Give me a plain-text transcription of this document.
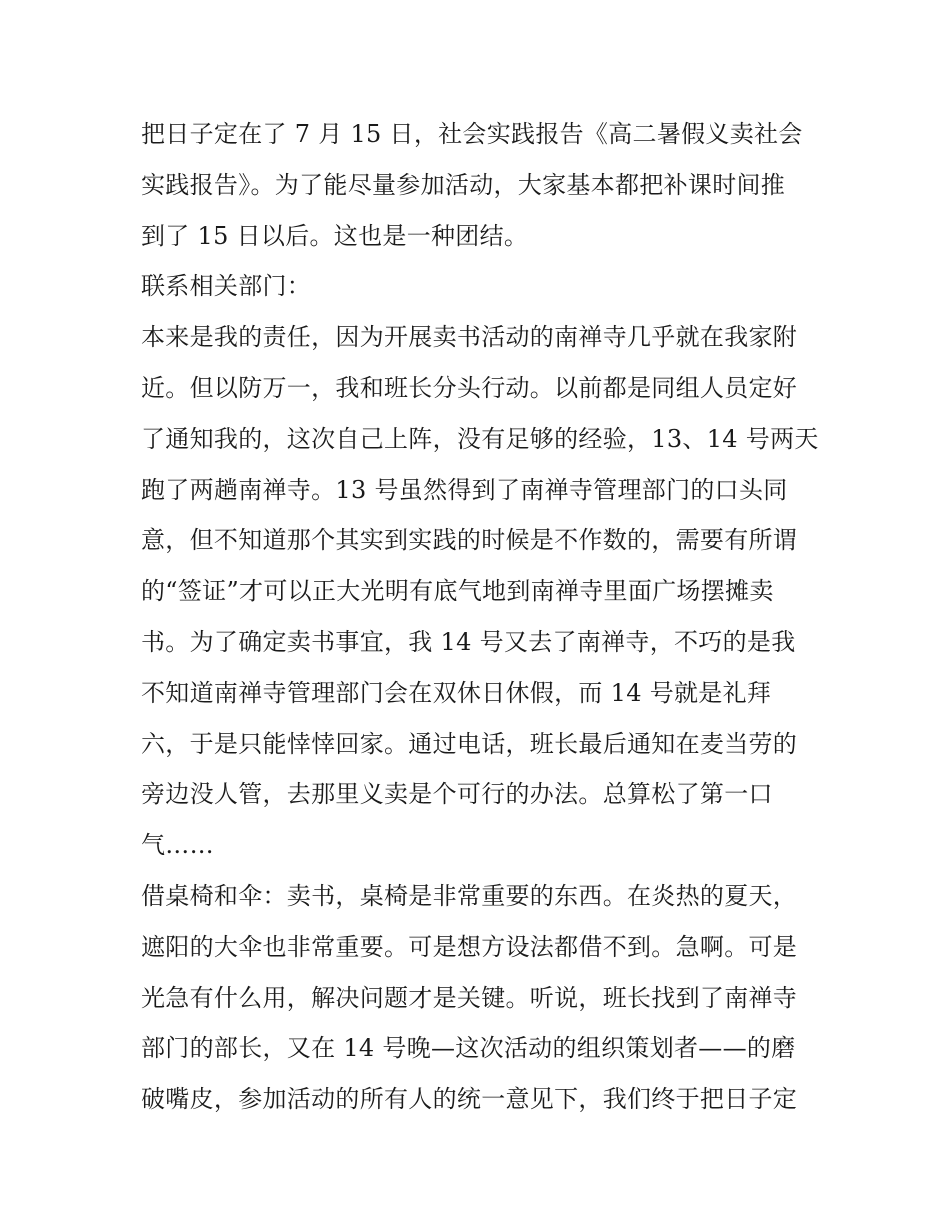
把日子定在了 7 月 15 日，社会实践报告《高二暑假义卖社会
实践报告》。为了能尽量参加活动，大家基本都把补课时间推
到了 15 日以后。这也是一种团结。
联系相关部门：
本来是我的责任，因为开展卖书活动的南禅寺几乎就在我家附
近。但以防万一，我和班长分头行动。以前都是同组人员定好
了通知我的，这次自己上阵，没有足够的经验，13、14 号两天
跑了两趟南禅寺。13 号虽然得到了南禅寺管理部门的口头同
意，但不知道那个其实到实践的时候是不作数的，需要有所谓
的“签证”才可以正大光明有底气地到南禅寺里面广场摆摊卖
书。为了确定卖书事宜，我 14 号又去了南禅寺，不巧的是我
不知道南禅寺管理部门会在双休日休假，而 14 号就是礼拜
六，于是只能悻悻回家。通过电话，班长最后通知在麦当劳的
旁边没人管，去那里义卖是个可行的办法。总算松了第一口
气……
借桌椅和伞：卖书，桌椅是非常重要的东西。在炎热的夏天，
遮阳的大伞也非常重要。可是想方设法都借不到。急啊。可是
光急有什么用，解决问题才是关键。听说，班长找到了南禅寺
部门的部长，又在 14 号晚—这次活动的组织策划者——的磨
破嘴皮，参加活动的所有人的统一意见下，我们终于把日子定
